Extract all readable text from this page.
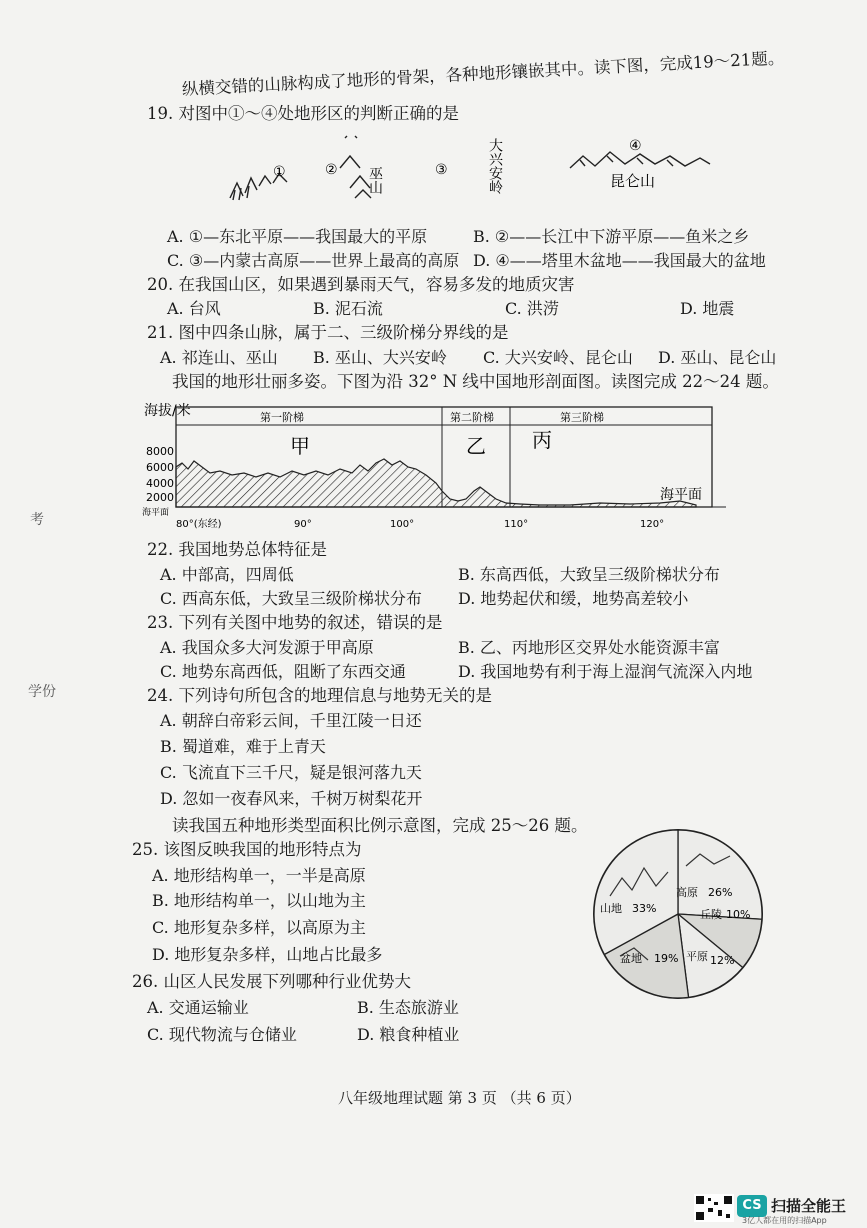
纵横交错的山脉构成了地形的骨架，各种地形镶嵌其中。读下图，完成19～21题。
19. 对图中①～④处地形区的判断正确的是
①	② 巫山	③	大兴安岭	④
昆仑山
A. ①—东北平原——我国最大的平原	B. ②——长江中下游平原——鱼米之乡
C. ③—内蒙古高原——世界上最高的高原 D. ④——塔里木盆地——我国最大的盆地
20. 在我国山区，如果遇到暴雨天气，容易多发的地质灾害
A. 台风	B. 泥石流	C. 洪涝	D. 地震
21. 图中四条山脉，属于二、三级阶梯分界线的是
A. 祁连山、巫山 B. 巫山、大兴安岭 C. 大兴安岭、昆仑山 D. 巫山、昆仑山
我国的地形壮丽多姿。下图为沿 32° N 线中国地形剖面图。读图完成 22～24 题。
海拔/米	第一阶梯	第二阶梯	第三阶梯
甲	乙 丙
8000
6000
4000
2000
海平面
海平面
80°(东经)	90°	100°	110°	120°
考
学份
22. 我国地势总体特征是
A. 中部高，四周低	B. 东高西低，大致呈三级阶梯状分布
C. 西高东低，大致呈三级阶梯状分布 D. 地势起伏和缓，地势高差较小
23. 下列有关图中地势的叙述，错误的是
A. 我国众多大河发源于甲高原	B. 乙、丙地形区交界处水能资源丰富
C. 地势东高西低，阻断了东西交通	D. 我国地势有利于海上湿润气流深入内地
24. 下列诗句所包含的地理信息与地势无关的是
A. 朝辞白帝彩云间，千里江陵一日还
B. 蜀道难，难于上青天
C. 飞流直下三千尺，疑是银河落九天
D. 忽如一夜春风来，千树万树梨花开
读我国五种地形类型面积比例示意图，完成 25～26 题。
25. 该图反映我国的地形特点为
A. 地形结构单一，一半是高原
B. 地形结构单一，以山地为主
C. 地形复杂多样，以高原为主
D. 地形复杂多样，山地占比最多
高原 26%
丘陵 10%
山地 33%
盆地 19% 平原 12%
26. 山区人民发展下列哪种行业优势大
A. 交通运输业	B. 生态旅游业
C. 现代物流与仓储业	D. 粮食种植业
八年级地理试题 第 3 页 （共 6 页）
CS 扫描全能王
3亿人都在用的扫描App
